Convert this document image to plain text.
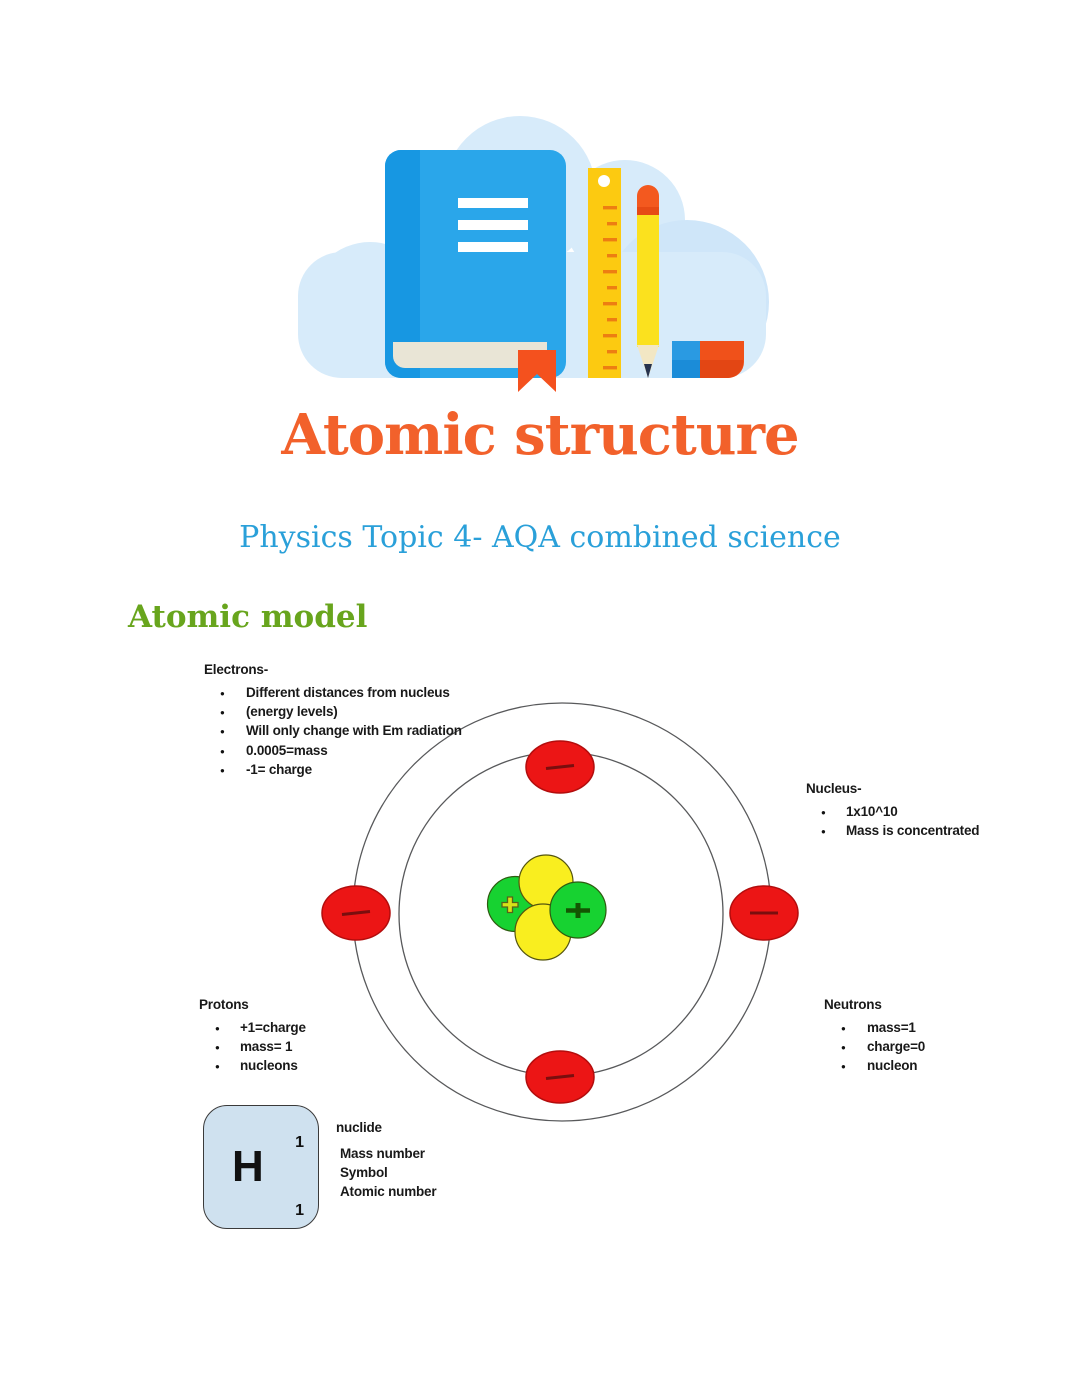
Atomic structure
Physics Topic 4- AQA combined science
Atomic model
Electrons-
● Different distances from nucleus
● (energy levels)
● Will only change with Em radiation
● 0.0005=mass
● -1= charge
Nucleus-
● 1x10^10
● Mass is concentrated
Protons
● +1=charge
● mass= 1
● nucleons
Neutrons
● mass=1
● charge=0
● nucleon
1
H
1
nuclide
Mass number
Symbol
Atomic number
